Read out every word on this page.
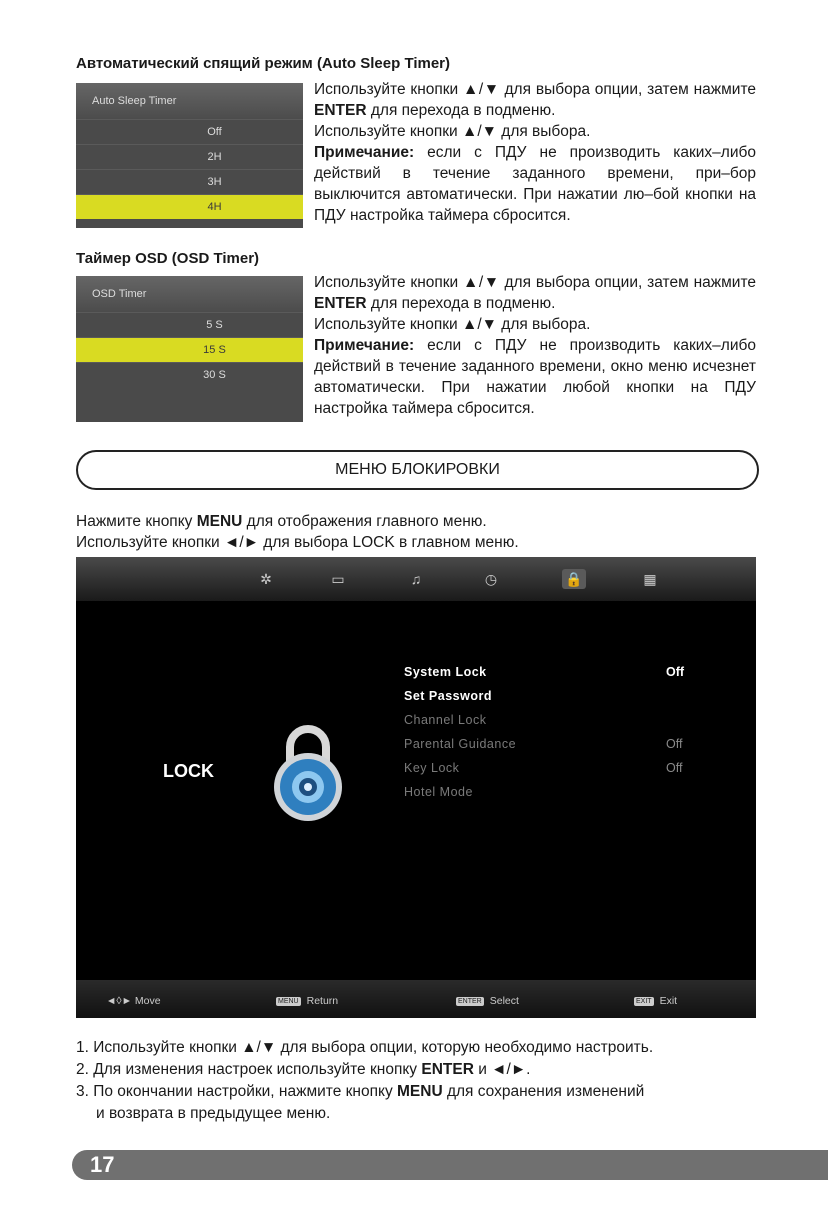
Автоматический спящий режим (Auto Sleep Timer)
Auto Sleep Timer
Off
2H
3H
4H
Используйте кнопки ▲/▼ для выбора опции, затем нажмите ENTER для перехода в подменю.
Используйте кнопки ▲/▼ для выбора.
Примечание: если с ПДУ не производить каких–либо действий в течение заданного времени, при–бор выключится автоматически. При нажатии лю–бой кнопки на ПДУ настройка таймера сбросится.
Таймер OSD (OSD Timer)
OSD Timer
5 S
15 S
30 S
Используйте кнопки ▲/▼ для выбора опции, затем нажмите ENTER для перехода в подменю.
Используйте кнопки ▲/▼ для выбора.
Примечание: если с ПДУ не производить каких–либо действий в течение заданного времени, окно меню исчезнет автоматически. При нажатии любой кнопки на ПДУ настройка таймера сбросится.
МЕНЮ БЛОКИРОВКИ
Нажмите кнопку MENU для отображения главного меню.
Используйте кнопки ◄/► для выбора LOCK в главном меню.
✲	▭	♫	◷	🔒	▦
LOCK
System Lock	Off
Set Password
Channel Lock
Parental Guidance	Off
Key Lock	Off
Hotel Mode
◄◊► Move	MENU Return	ENTER Select	EXIT Exit
1. Используйте кнопки ▲/▼ для выбора опции, которую необходимо настроить.
2. Для изменения настроек используйте кнопку ENTER и ◄/►.
3. По окончании настройки, нажмите кнопку MENU для сохранения изменений
и возврата в предыдущее меню.
17
